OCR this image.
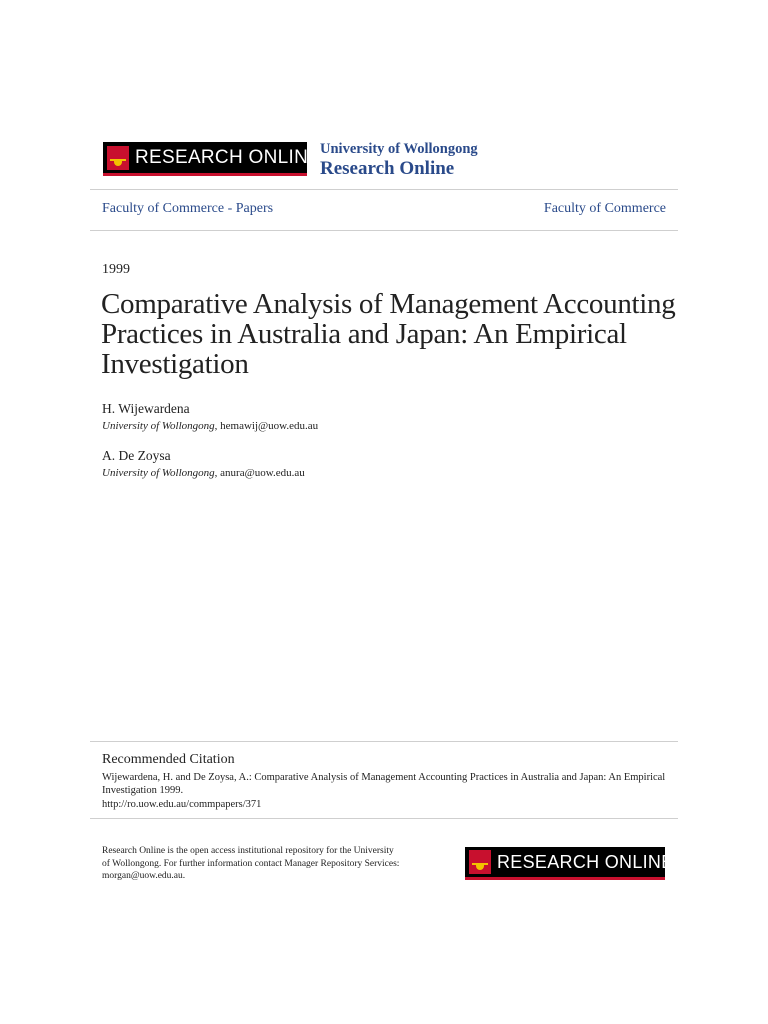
RESEARCH ONLINE
University of Wollongong
Research Online
Faculty of Commerce - Papers	Faculty of Commerce
1999
Comparative Analysis of Management Accounting Practices in Australia and Japan: An Empirical Investigation
H. Wijewardena
University of Wollongong, hemawij@uow.edu.au
A. De Zoysa
University of Wollongong, anura@uow.edu.au
Recommended Citation
Wijewardena, H. and De Zoysa, A.: Comparative Analysis of Management Accounting Practices in Australia and Japan: An Empirical Investigation 1999.
http://ro.uow.edu.au/commpapers/371
Research Online is the open access institutional repository for the University of Wollongong. For further information contact Manager Repository Services: morgan@uow.edu.au.
RESEARCH ONLINE
